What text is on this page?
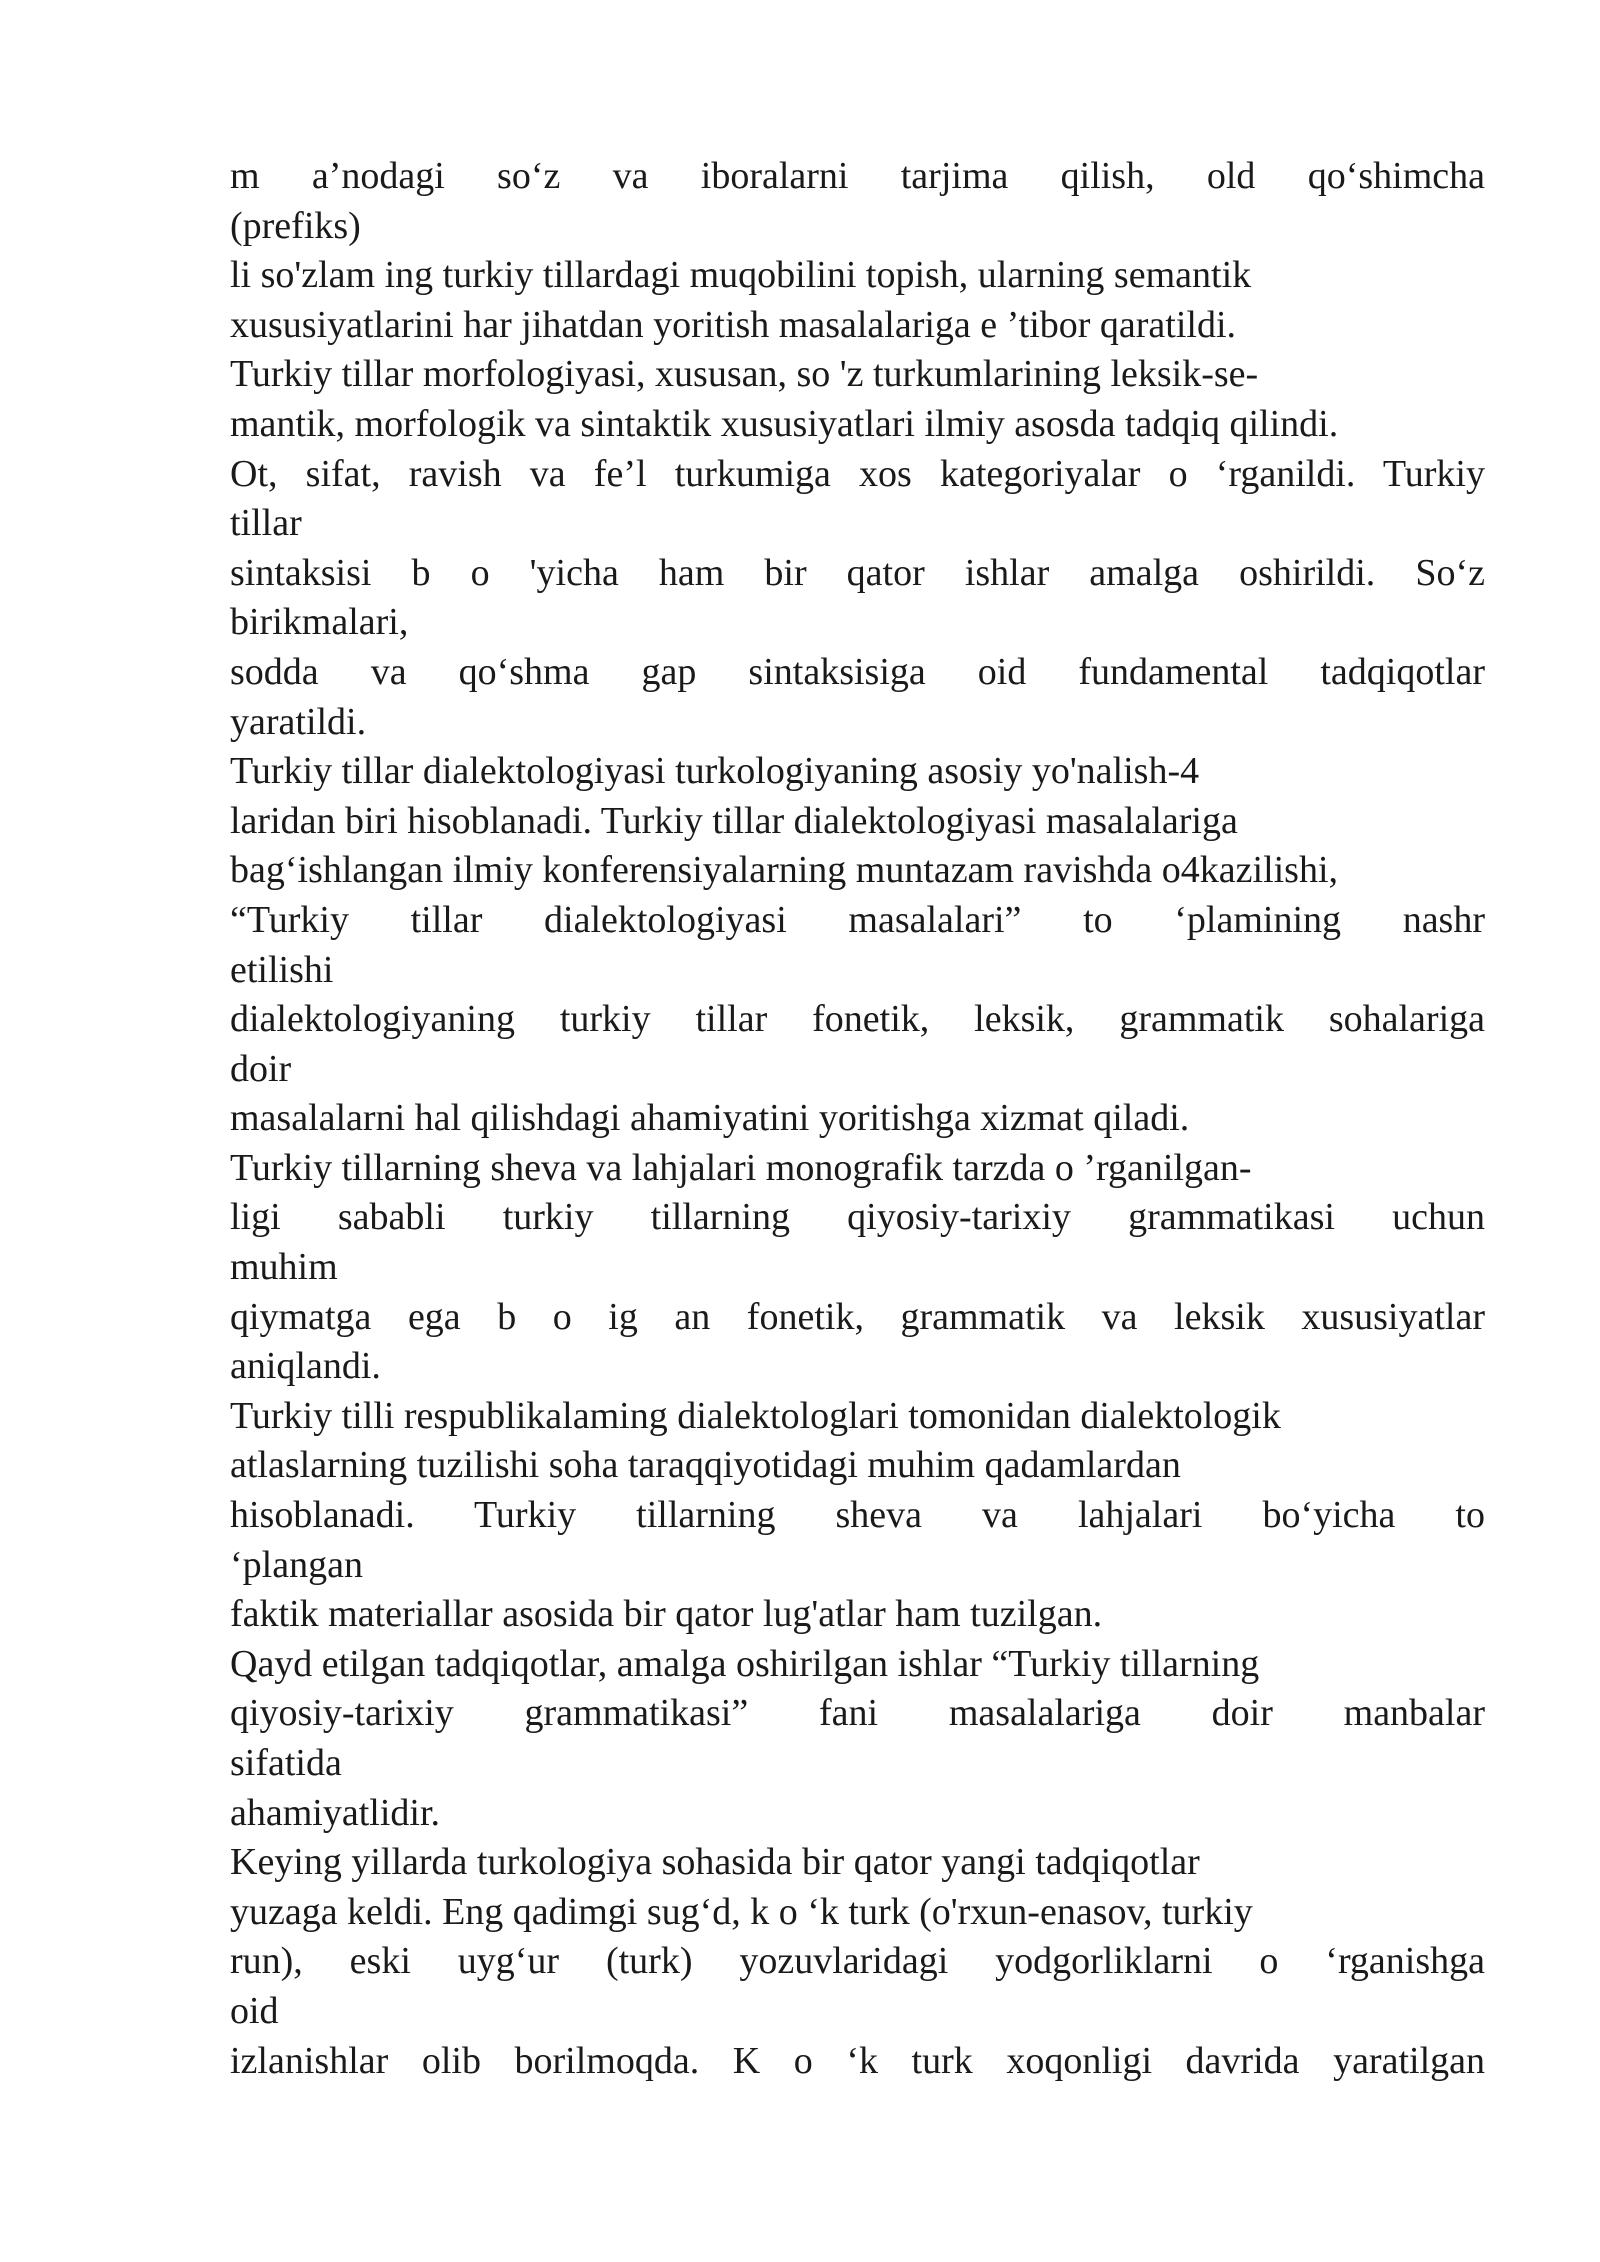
m a’nodagi so‘z va iboralarni tarjima qilish, old qo‘shimcha
(prefiks)
li so'zlam ing turkiy tillardagi muqobilini topish, ularning semantik
xususiyatlarini har jihatdan yoritish masalalariga e ’tibor qaratildi.
Turkiy tillar morfologiyasi, xususan, so 'z turkumlarining leksik-se-
mantik, morfologik va sintaktik xususiyatlari ilmiy asosda tadqiq qilindi.
Ot, sifat, ravish va fe’l turkumiga xos kategoriyalar o ‘rganildi. Turkiy
tillar
sintaksisi b o 'yicha ham bir qator ishlar amalga oshirildi. So‘z
birikmalari,
sodda va qo‘shma gap sintaksisiga oid fundamental tadqiqotlar
yaratildi.
Turkiy tillar dialektologiyasi turkologiyaning asosiy yo'nalish-4
laridan biri hisoblanadi. Turkiy tillar dialektologiyasi masalalariga
bag‘ishlangan ilmiy konferensiyalarning muntazam ravishda o4kazilishi,
“Turkiy tillar dialektologiyasi masalalari” to ‘plamining nashr
etilishi
dialektologiyaning turkiy tillar fonetik, leksik, grammatik sohalariga
doir
masalalarni hal qilishdagi ahamiyatini yoritishga xizmat qiladi.
Turkiy tillarning sheva va lahjalari monografik tarzda o ’rganilgan-
ligi sababli turkiy tillarning qiyosiy-tarixiy grammatikasi uchun
muhim
qiymatga ega b o ig an fonetik, grammatik va leksik xususiyatlar
aniqlandi.
Turkiy tilli respublikalaming dialektologlari tomonidan dialektologik
atlaslarning tuzilishi soha taraqqiyotidagi muhim qadamlardan
hisoblanadi. Turkiy tillarning sheva va lahjalari bo‘yicha to
‘plangan
faktik materiallar asosida bir qator lug'atlar ham tuzilgan.
Qayd etilgan tadqiqotlar, amalga oshirilgan ishlar “Turkiy tillarning
qiyosiy-tarixiy grammatikasi” fani masalalariga doir manbalar
sifatida
ahamiyatlidir.
Keying yillarda turkologiya sohasida bir qator yangi tadqiqotlar
yuzaga keldi. Eng qadimgi sug‘d, k o ‘k turk (o'rxun-enasov, turkiy
run), eski uyg‘ur (turk) yozuvlaridagi yodgorliklarni o ‘rganishga
oid
izlanishlar olib borilmoqda. K o ‘k turk xoqonligi davrida yaratilgan
